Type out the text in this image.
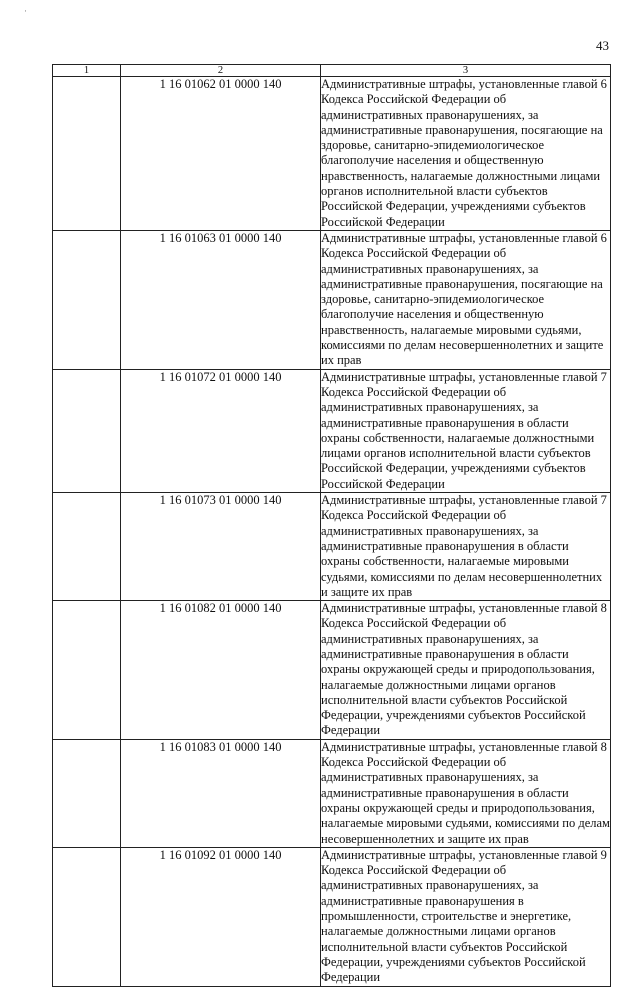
·
43
1	2	3
	1 16 01062 01 0000 140	Административные штрафы, установленные главой 6 Кодекса Российской Федерации об административных правонарушениях, за административные правонарушения, посягающие на здоровье, санитарно-эпидемиологическое благополучие населения и общественную нравственность, налагаемые должностными лицами органов исполнительной власти субъектов Российской Федерации, учреждениями субъектов Российской Федерации
	1 16 01063 01 0000 140	Административные штрафы, установленные главой 6 Кодекса Российской Федерации об административных правонарушениях, за административные правонарушения, посягающие на здоровье, санитарно-эпидемиологическое благополучие населения и общественную нравственность, налагаемые мировыми судьями, комиссиями по делам несовершеннолетних и защите их прав
	1 16 01072 01 0000 140	Административные штрафы, установленные главой 7 Кодекса Российской Федерации об административных правонарушениях, за административные правонарушения в области охраны собственности, налагаемые должностными лицами органов исполнительной власти субъектов Российской Федерации, учреждениями субъектов Российской Федерации
	1 16 01073 01 0000 140	Административные штрафы, установленные главой 7 Кодекса Российской Федерации об административных правонарушениях, за административные правонарушения в области охраны собственности, налагаемые мировыми судьями, комиссиями по делам несовершеннолетних и защите их прав
	1 16 01082 01 0000 140	Административные штрафы, установленные главой 8 Кодекса Российской Федерации об административных правонарушениях, за административные правонарушения в области охраны окружающей среды и природопользования, налагаемые должностными лицами органов исполнительной власти субъектов Российской Федерации, учреждениями субъектов Российской Федерации
	1 16 01083 01 0000 140	Административные штрафы, установленные главой 8 Кодекса Российской Федерации об административных правонарушениях, за административные правонарушения в области охраны окружающей среды и природопользования, налагаемые мировыми судьями, комиссиями по делам несовершеннолетних и защите их прав
	1 16 01092 01 0000 140	Административные штрафы, установленные главой 9 Кодекса Российской Федерации об административных правонарушениях, за административные правонарушения в промышленности, строительстве и энергетике, налагаемые должностными лицами органов исполнительной власти субъектов Российской Федерации, учреждениями субъектов Российской Федерации
